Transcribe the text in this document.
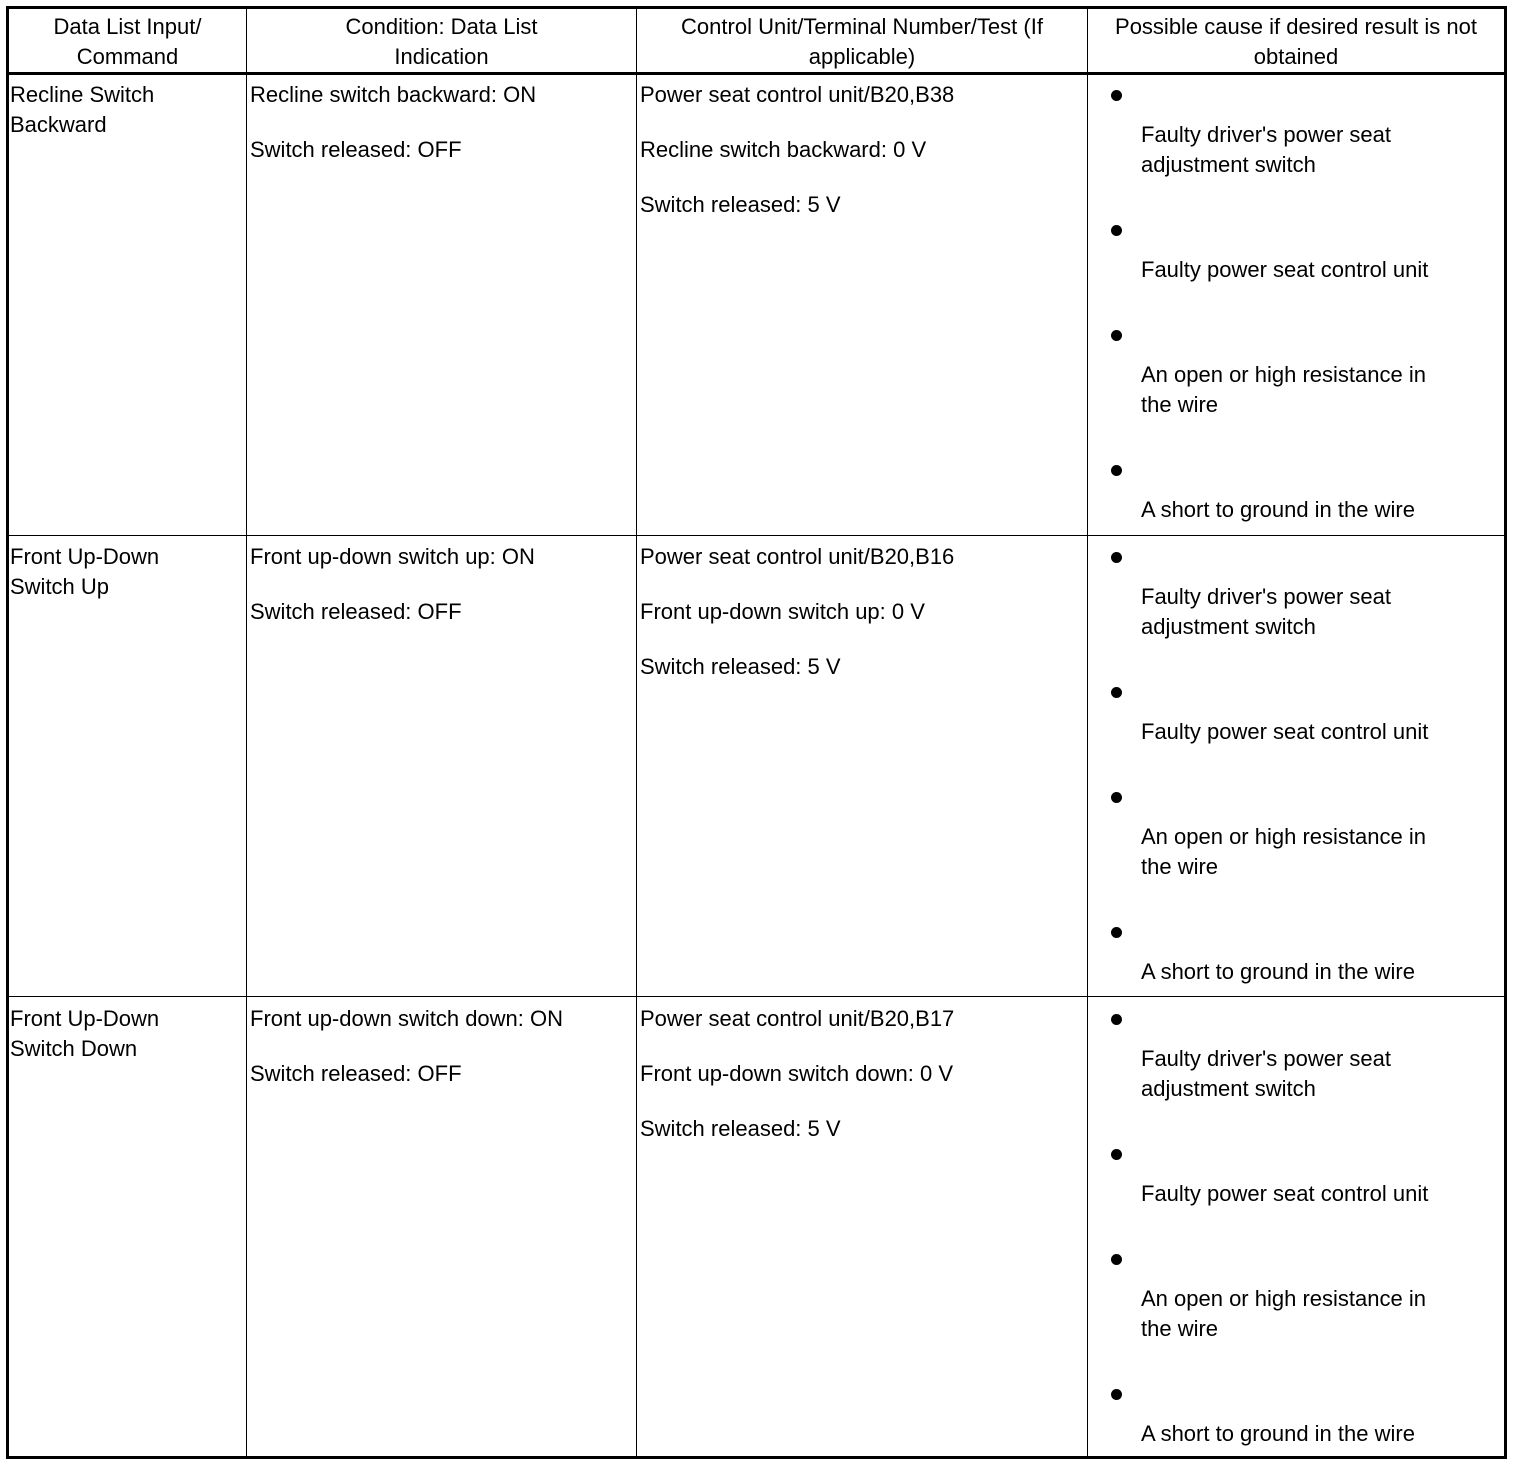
Data List Input/
Command
Condition: Data List
Indication
Control Unit/Terminal Number/Test (If
applicable)
Possible cause if desired result is not
obtained
Recline Switch
Backward
Recline switch backward: ON
Switch released: OFF
Power seat control unit/B20,B38
Recline switch backward: 0 V
Switch released: 5 V
Faulty driver's power seat
adjustment switch
Faulty power seat control unit
An open or high resistance in
the wire
A short to ground in the wire
Front Up-Down
Switch Up
Front up-down switch up: ON
Switch released: OFF
Power seat control unit/B20,B16
Front up-down switch up: 0 V
Switch released: 5 V
Faulty driver's power seat
adjustment switch
Faulty power seat control unit
An open or high resistance in
the wire
A short to ground in the wire
Front Up-Down
Switch Down
Front up-down switch down: ON
Switch released: OFF
Power seat control unit/B20,B17
Front up-down switch down: 0 V
Switch released: 5 V
Faulty driver's power seat
adjustment switch
Faulty power seat control unit
An open or high resistance in
the wire
A short to ground in the wire
